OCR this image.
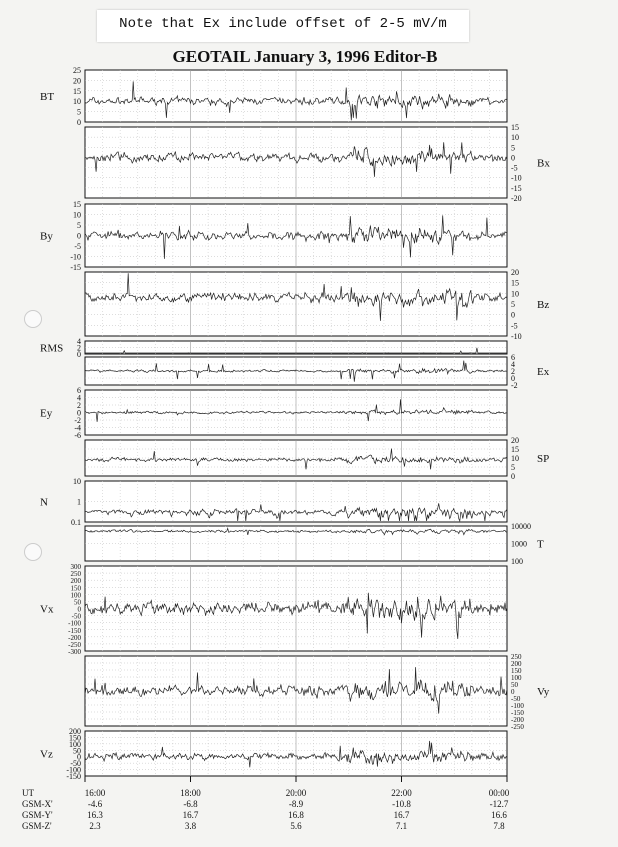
Note that Ex include offset of 2-5 mV/m
GEOTAIL January 3, 1996 Editor-B
25
20
15
10
5
0
BT
15
10
5
0
-5
-10
-15
-20
Bx
15
10
5
0
-5
-10
-15
By
20
15
10
5
0
-5
-10
Bz
4
2
0
RMS
6
4
2
0
-2
Ex
6
4
2
0
-2
-4
-6
Ey
20
15
10
5
0
SP
10
1
0.1
N
10000
1000
100
T
300
250
200
150
100
50
0
-50
-100
-150
-200
-250
-300
Vx
250
200
150
100
50
0
-50
-100
-150
-200
-250
Vy
200
150
100
50
0
-50
-100
-150
Vz
UT
GSM-X'
GSM-Y'
GSM-Z'
16:00
-4.6
16.3
2.3
18:00
-6.8
16.7
3.8
20:00
-8.9
16.8
5.6
22:00
-10.8
16.7
7.1
00:00
-12.7
16.6
7.8
